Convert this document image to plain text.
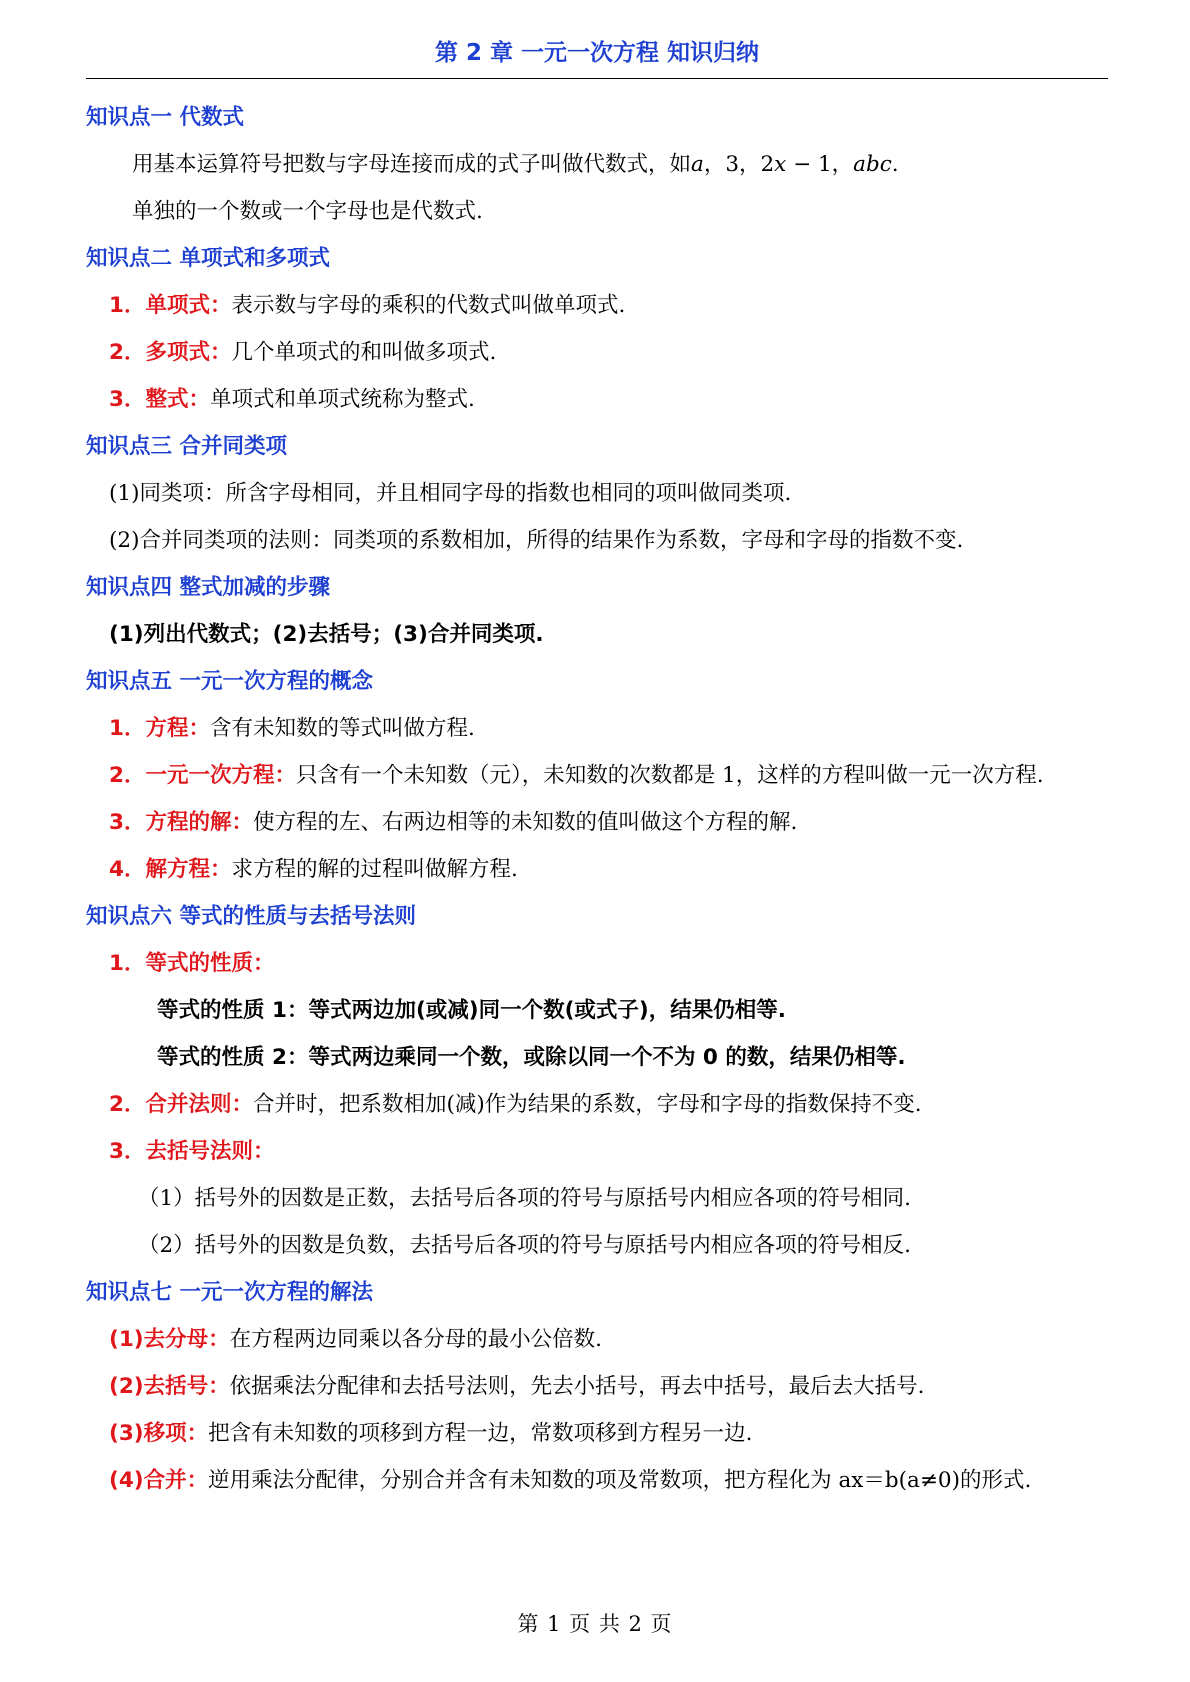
第 2 章 一元一次方程 知识归纳
知识点一 代数式
用基本运算符号把数与字母连接而成的式子叫做代数式，如𝑎，3，2𝑥 − 1，𝑎𝑏𝑐.
单独的一个数或一个字母也是代数式.
知识点二 单项式和多项式
1．单项式：表示数与字母的乘积的代数式叫做单项式.
2．多项式：几个单项式的和叫做多项式.
3．整式：单项式和单项式统称为整式.
知识点三 合并同类项
(1)同类项：所含字母相同，并且相同字母的指数也相同的项叫做同类项.
(2)合并同类项的法则：同类项的系数相加，所得的结果作为系数，字母和字母的指数不变.
知识点四 整式加减的步骤
(1)列出代数式；(2)去括号；(3)合并同类项.
知识点五 一元一次方程的概念
1．方程：含有未知数的等式叫做方程.
2．一元一次方程：只含有一个未知数（元），未知数的次数都是 1，这样的方程叫做一元一次方程.
3．方程的解：使方程的左、右两边相等的未知数的值叫做这个方程的解.
4．解方程：求方程的解的过程叫做解方程.
知识点六 等式的性质与去括号法则
1．等式的性质：
等式的性质 1：等式两边加(或减)同一个数(或式子)，结果仍相等.
等式的性质 2：等式两边乘同一个数，或除以同一个不为 0 的数，结果仍相等.
2．合并法则：合并时，把系数相加(减)作为结果的系数，字母和字母的指数保持不变.
3．去括号法则：
（1）括号外的因数是正数，去括号后各项的符号与原括号内相应各项的符号相同.
（2）括号外的因数是负数，去括号后各项的符号与原括号内相应各项的符号相反.
知识点七 一元一次方程的解法
(1)去分母：在方程两边同乘以各分母的最小公倍数.
(2)去括号：依据乘法分配律和去括号法则，先去小括号，再去中括号，最后去大括号.
(3)移项：把含有未知数的项移到方程一边，常数项移到方程另一边.
(4)合并：逆用乘法分配律，分别合并含有未知数的项及常数项，把方程化为 ax＝b(a≠0)的形式.
第 1 页 共 2 页
